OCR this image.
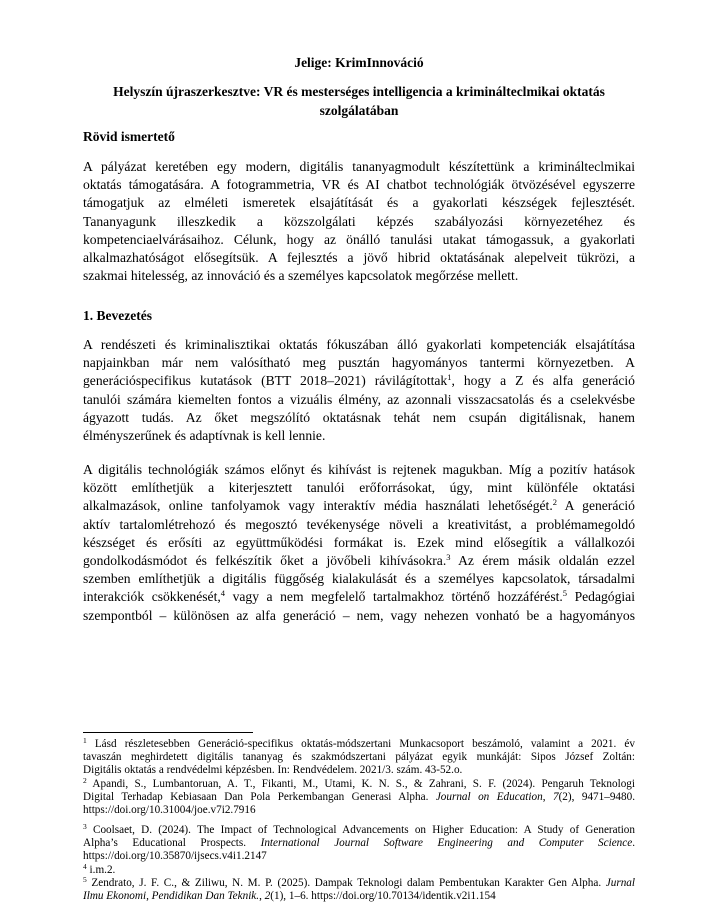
Jelige: KrimInnováció
Helyszín újraszerkesztve: VR és mesterséges intelligencia a kriminálteclmikai oktatás
szolgálatában
Rövid ismertető
A pályázat keretében egy modern, digitális tananyagmodult készítettünk a kriminálteclmikai
oktatás támogatására. A fotogrammetria, VR és AI chatbot technológiák ötvözésével egyszerre
támogatjuk az elméleti ismeretek elsajátítását és a gyakorlati készségek fejlesztését.
Tananyagunk illeszkedik a közszolgálati képzés szabályozási környezetéhez és
kompetenciaelvárásaihoz. Célunk, hogy az önálló tanulási utakat támogassuk, a gyakorlati
alkalmazhatóságot elősegítsük. A fejlesztés a jövő hibrid oktatásának alepelveit tükrözi, a
szakmai hitelesség, az innováció és a személyes kapcsolatok megőrzése mellett.
1. Bevezetés
A rendészeti és kriminalisztikai oktatás fókuszában álló gyakorlati kompetenciák elsajátítása
napjainkban már nem valósítható meg pusztán hagyományos tantermi környezetben. A
generációspecifikus kutatások (BTT 2018–2021) rávilágítottak$^1$, hogy a Z és alfa generáció
tanulói számára kiemelten fontos a vizuális élmény, az azonnali visszacsatolás és a cselekvésbe
ágyazott tudás. Az őket megszólító oktatásnak tehát nem csupán digitálisnak, hanem
élményszerűnek és adaptívnak is kell lennie.
A digitális technológiák számos előnyt és kihívást is rejtenek magukban. Míg a pozitív hatások
között említhetjük a kiterjesztett tanulói erőforrásokat, úgy, mint különféle oktatási
alkalmazások, online tanfolyamok vagy interaktív média használati lehetőségét.$^2$ A generáció
aktív tartalomlétrehozó és megosztó tevékenysége növeli a kreativitást, a problémamegoldó
készséget és erősíti az együttműködési formákat is. Ezek mind elősegítik a vállalkozói
gondolkodásmódot és felkészítik őket a jövőbeli kihívásokra.$^3$ Az érem másik oldalán ezzel
szemben említhetjük a digitális függőség kialakulását és a személyes kapcsolatok, társadalmi
interakciók csökkenését,$^4$ vagy a nem megfelelő tartalmakhoz történő hozzáférést.$^5$ Pedagógiai
szempontból – különösen az alfa generáció – nem, vagy nehezen vonható be a hagyományos
$^1$ Lásd részletesebben Generáció-specifikus oktatás-módszertani Munkacsoport beszámoló, valamint a 2021. év
tavaszán meghirdetett digitális tananyag és szakmódszertani pályázat egyik munkáját: Sipos József Zoltán:
Digitális oktatás a rendvédelmi képzésben. In: Rendvédelem. 2021/3. szám. 43-52.o.
$^2$ Apandi, S., Lumbantoruan, A. T., Fikanti, M., Utami, K. N. S., & Zahrani, S. F. (2024). Pengaruh Teknologi
Digital Terhadap Kebiasaan Dan Pola Perkembangan Generasi Alpha. Journal on Education, 7(2), 9471–9480.
https://doi.org/10.31004/joe.v7i2.7916
$^3$ Coolsaet, D. (2024). The Impact of Technological Advancements on Higher Education: A Study of Generation
Alpha’s Educational Prospects. International Journal Software Engineering and Computer Science.
https://doi.org/10.35870/ijsecs.v4i1.2147
$^4$ i.m.2.
$^5$ Zendrato, J. F. C., & Ziliwu, N. M. P. (2025). Dampak Teknologi dalam Pembentukan Karakter Gen Alpha. Jurnal
Ilmu Ekonomi, Pendidikan Dan Teknik., 2(1), 1–6. https://doi.org/10.70134/identik.v2i1.154
